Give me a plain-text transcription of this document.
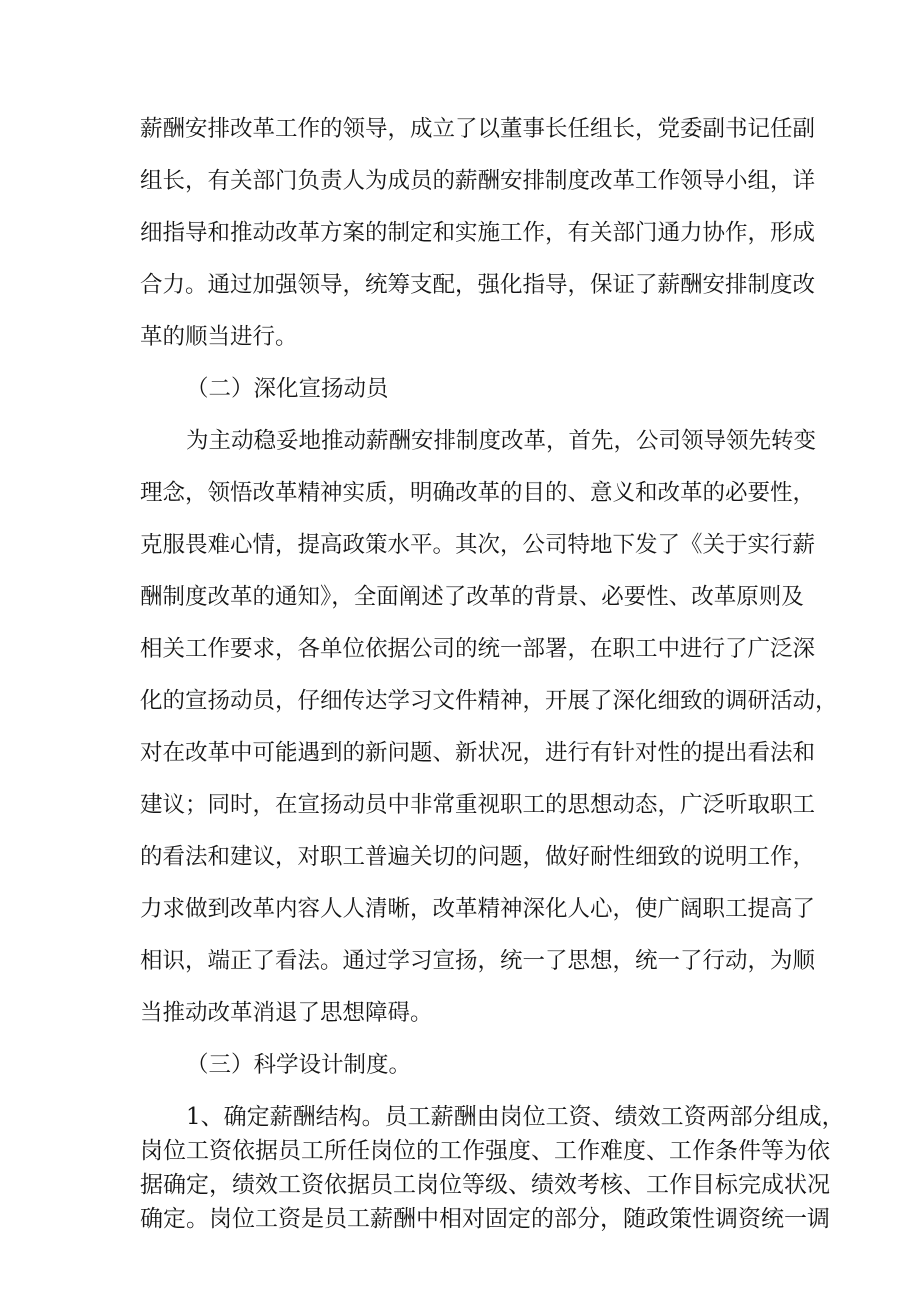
薪酬安排改革工作的领导，成立了以董事长任组长，党委副书记任副
组长，有关部门负责人为成员的薪酬安排制度改革工作领导小组，详
细指导和推动改革方案的制定和实施工作，有关部门通力协作，形成
合力。通过加强领导，统筹支配，强化指导，保证了薪酬安排制度改
革的顺当进行。
（二）深化宣扬动员
为主动稳妥地推动薪酬安排制度改革，首先，公司领导领先转变
理念，领悟改革精神实质，明确改革的目的、意义和改革的必要性，
克服畏难心情，提高政策水平。其次，公司特地下发了《关于实行薪
酬制度改革的通知》，全面阐述了改革的背景、必要性、改革原则及
相关工作要求，各单位依据公司的统一部署，在职工中进行了广泛深
化的宣扬动员，仔细传达学习文件精神，开展了深化细致的调研活动，
对在改革中可能遇到的新问题、新状况，进行有针对性的提出看法和
建议；同时，在宣扬动员中非常重视职工的思想动态，广泛听取职工
的看法和建议，对职工普遍关切的问题，做好耐性细致的说明工作，
力求做到改革内容人人清晰，改革精神深化人心，使广阔职工提高了
相识，端正了看法。通过学习宣扬，统一了思想，统一了行动，为顺
当推动改革消退了思想障碍。
（三）科学设计制度。
1、确定薪酬结构。员工薪酬由岗位工资、绩效工资两部分组成，
岗位工资依据员工所任岗位的工作强度、工作难度、工作条件等为依
据确定，绩效工资依据员工岗位等级、绩效考核、工作目标完成状况
确定。岗位工资是员工薪酬中相对固定的部分，随政策性调资统一调
